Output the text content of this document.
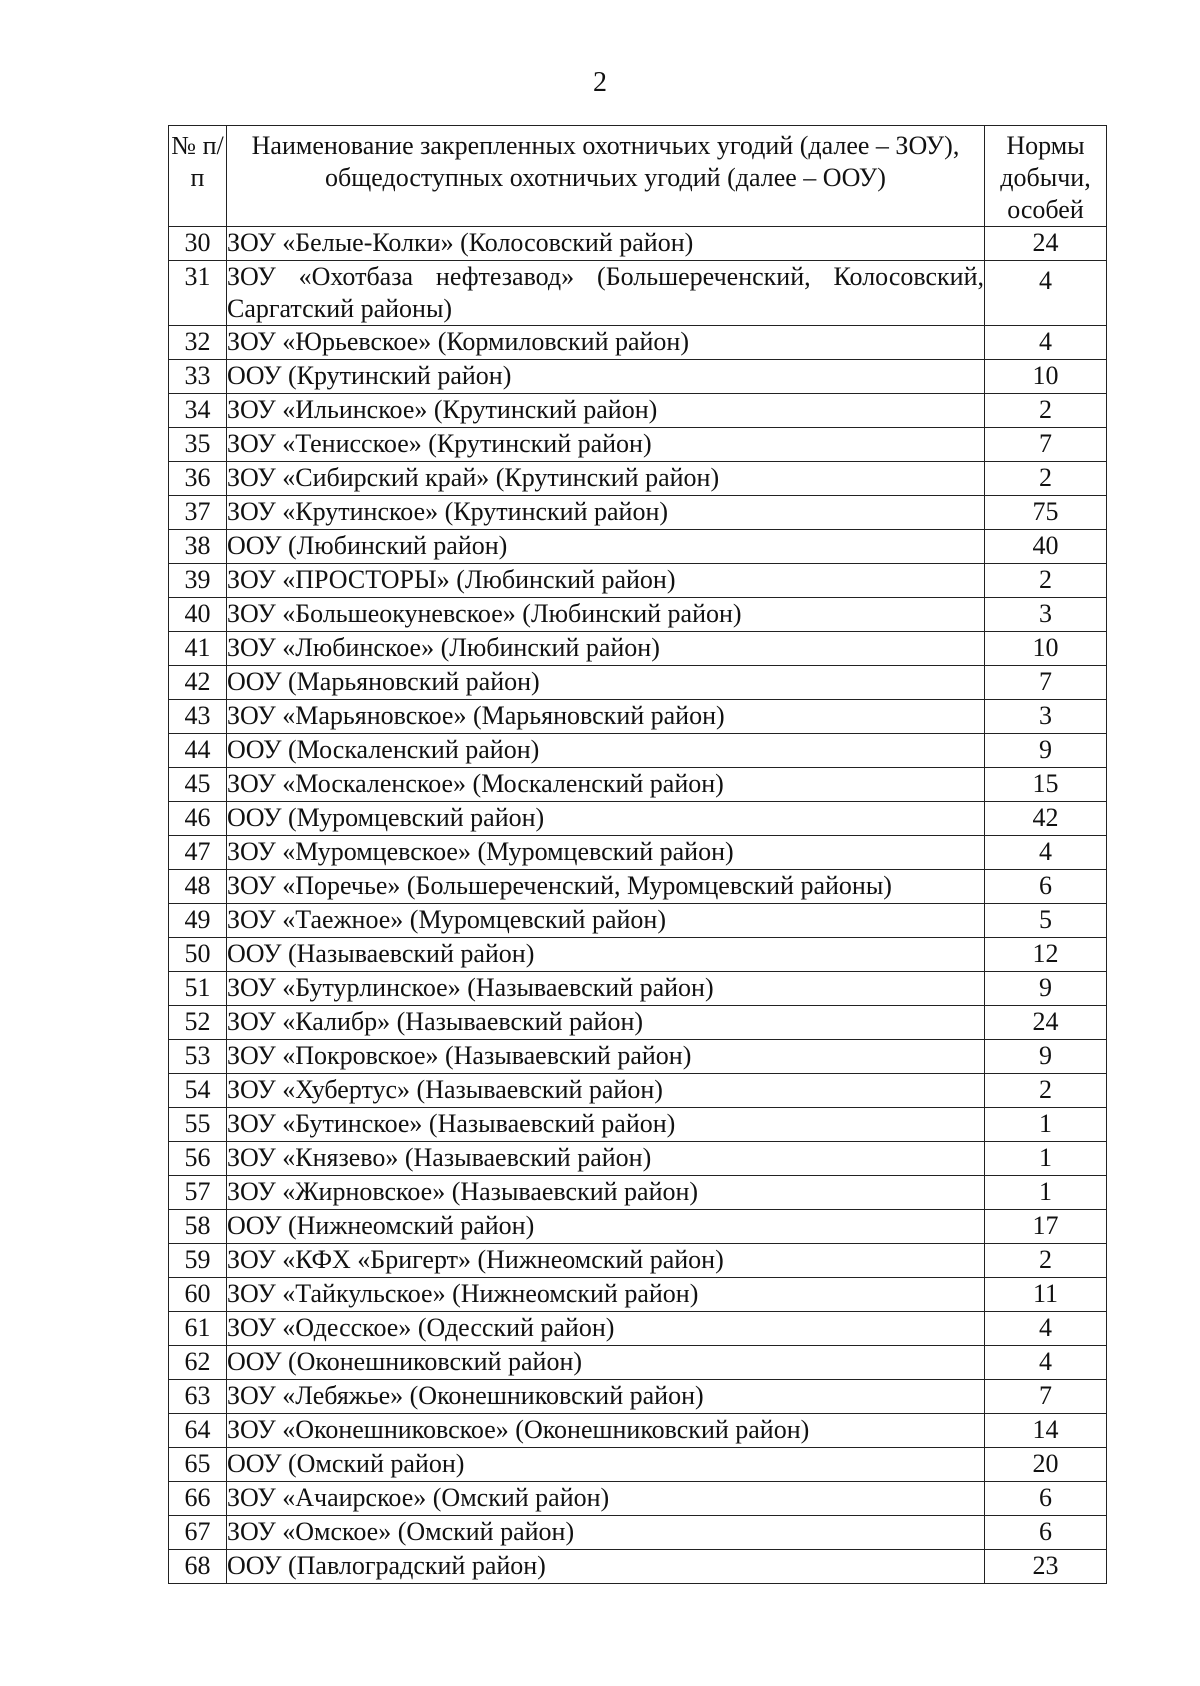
2
№ п/п	Наименование закрепленных охотничьих угодий (далее – ЗОУ), общедоступных охотничьих угодий (далее – ООУ)	Нормы добычи, особей
30	ЗОУ «Белые-Колки» (Колосовский район)	24
31	ЗОУ «Охотбаза нефтезавод» (Большереченский, Колосовский, Саргатский районы)	4
32	ЗОУ «Юрьевское» (Кормиловский район)	4
33	ООУ (Крутинский район)	10
34	ЗОУ «Ильинское» (Крутинский район)	2
35	ЗОУ «Тенисское» (Крутинский район)	7
36	ЗОУ «Сибирский край» (Крутинский район)	2
37	ЗОУ «Крутинское» (Крутинский район)	75
38	ООУ (Любинский район)	40
39	ЗОУ «ПРОСТОРЫ» (Любинский район)	2
40	ЗОУ «Большеокуневское» (Любинский район)	3
41	ЗОУ «Любинское» (Любинский район)	10
42	ООУ (Марьяновский район)	7
43	ЗОУ «Марьяновское» (Марьяновский район)	3
44	ООУ (Москаленский район)	9
45	ЗОУ «Москаленское» (Москаленский район)	15
46	ООУ (Муромцевский район)	42
47	ЗОУ «Муромцевское» (Муромцевский район)	4
48	ЗОУ «Поречье» (Большереченский, Муромцевский районы)	6
49	ЗОУ «Таежное» (Муромцевский район)	5
50	ООУ (Называевский район)	12
51	ЗОУ «Бутурлинское» (Называевский район)	9
52	ЗОУ «Калибр» (Называевский район)	24
53	ЗОУ «Покровское» (Называевский район)	9
54	ЗОУ «Хубертус» (Называевский район)	2
55	ЗОУ «Бутинское» (Называевский район)	1
56	ЗОУ «Князево» (Называевский район)	1
57	ЗОУ «Жирновское» (Называевский район)	1
58	ООУ (Нижнеомский район)	17
59	ЗОУ «КФХ «Бригерт» (Нижнеомский район)	2
60	ЗОУ «Тайкульское» (Нижнеомский район)	11
61	ЗОУ «Одесское» (Одесский район)	4
62	ООУ (Оконешниковский район)	4
63	ЗОУ «Лебяжье» (Оконешниковский район)	7
64	ЗОУ «Оконешниковское» (Оконешниковский район)	14
65	ООУ (Омский район)	20
66	ЗОУ «Ачаирское» (Омский район)	6
67	ЗОУ «Омское» (Омский район)	6
68	ООУ (Павлоградский район)	23
